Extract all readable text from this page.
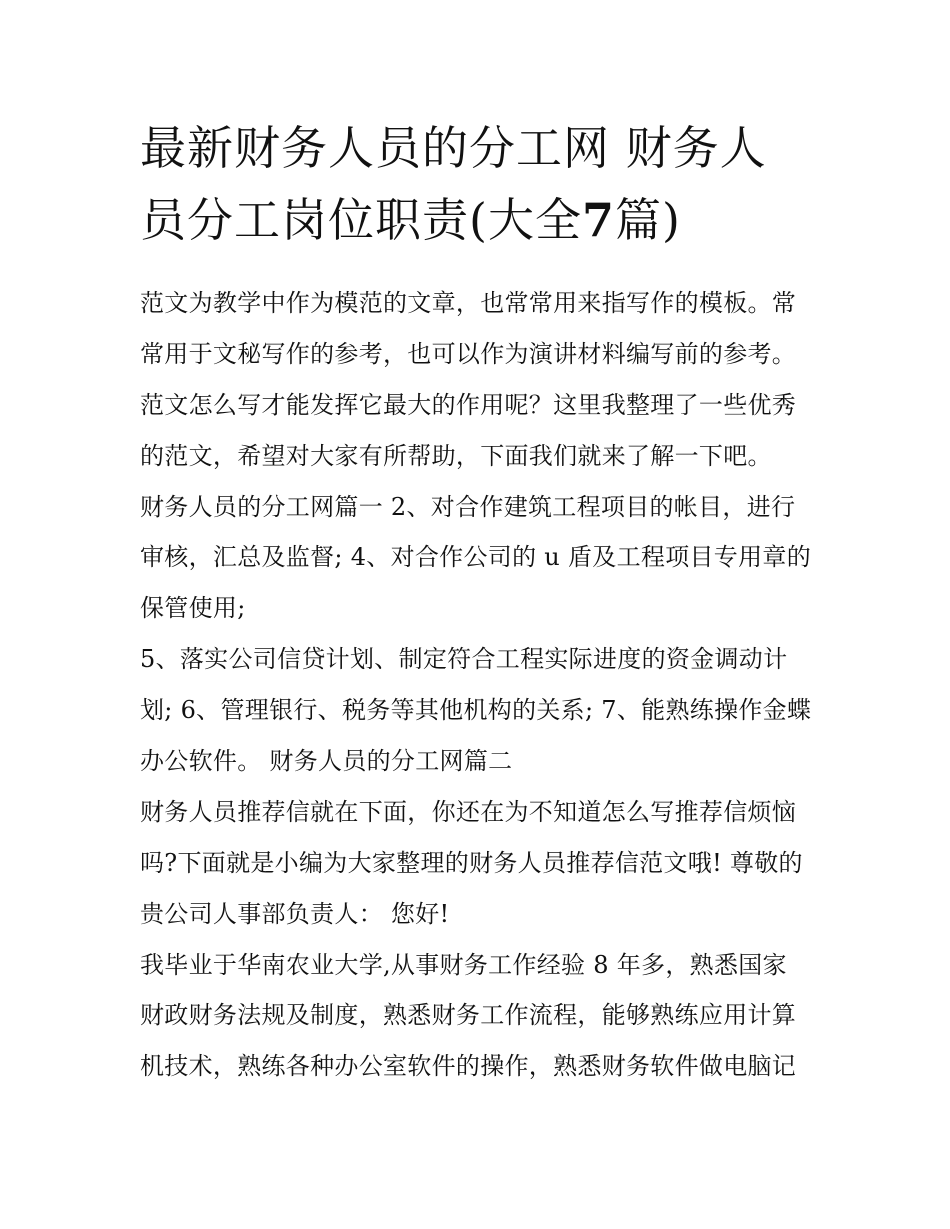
最新财务人员的分工网 财务人
员分工岗位职责(大全7篇)
范文为教学中作为模范的文章，也常常用来指写作的模板。常
常用于文秘写作的参考，也可以作为演讲材料编写前的参考。
范文怎么写才能发挥它最大的作用呢？这里我整理了一些优秀
的范文，希望对大家有所帮助，下面我们就来了解一下吧。
财务人员的分工网篇一 2、对合作建筑工程项目的帐目，进行
审核，汇总及监督; 4、对合作公司的 u 盾及工程项目专用章的
保管使用;
5、落实公司信贷计划、制定符合工程实际进度的资金调动计
划; 6、管理银行、税务等其他机构的关系; 7、能熟练操作金蝶
办公软件。 财务人员的分工网篇二
财务人员推荐信就在下面，你还在为不知道怎么写推荐信烦恼
吗?下面就是小编为大家整理的财务人员推荐信范文哦! 尊敬的
贵公司人事部负责人： 您好!
我毕业于华南农业大学,从事财务工作经验 8 年多，熟悉国家
财政财务法规及制度，熟悉财务工作流程，能够熟练应用计算
机技术，熟练各种办公室软件的操作，熟悉财务软件做电脑记
